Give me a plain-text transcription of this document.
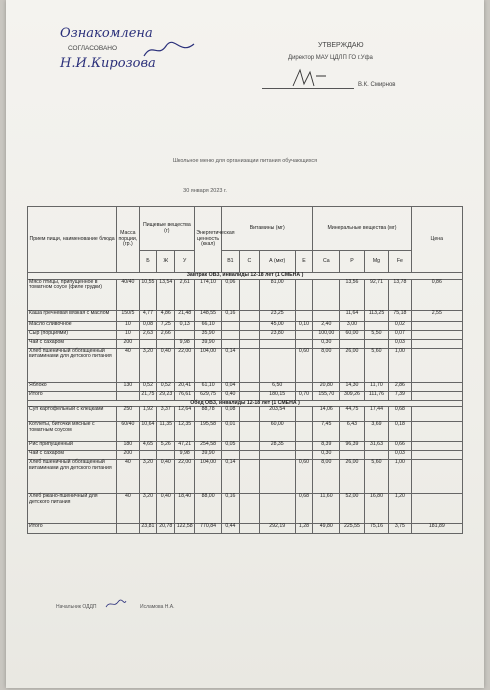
Ознакомлена
СОГЛАСОВАНО
Н.И.Кирозова
УТВЕРЖДАЮ
Директор МАУ ЦДЛП ГО г.Уфа
В.К. Смирнов
Школьное меню для организации питания обучающихся
30 января 2023 г.
Прием пищи, наименование блюда	Масса порции, (гр.)	Пищевые вещества (г)			Энергетическая ценность (ккал)	Витамины (мг)				Минеральные вещества (мг)				Цена
		Б	Ж	У		В1	С	А (мкг)	Е	Са	Р	Mg	Fe	
Завтрак ОВЗ, инвалиды 12-18 лет (1 СМЕНА )														
Мясо птицы, припущенное в томатном соусе (филе грудки)	40/40	10,55	13,54	2,61	174,10	0,06		81,00			13,56	92,71	13,78	0,86
Каша гречневая вязкая с маслом	150/5	4,77	4,86	21,48	148,55	0,16		23,25			11,64	113,25	75,18	2,55
Масло сливочное	10	0,08	7,25	0,13	66,10			45,00	0,10	2,40	3,00		0,02	
Сыр (порциями)	10	2,63	2,66		35,90			23,80		100,00	60,00	5,50	0,07	
Чай с сахаром	200			9,98	39,90					0,30			0,03	
Хлеб пшеничный обогащенный витаминами для детского питания	40	3,20	0,40	22,00	104,00	0,14			0,60	8,00	26,00	5,60	1,00	
Яблоко	130	0,52	0,52	20,41	61,10	0,04		6,50		20,80	14,30	11,70	2,86	
Итого		21,75	29,23	76,61	629,75	0,40		180,15	0,70	155,70	309,26	111,76	7,39	
Обед ОВЗ, инвалиды 12-18 лет (1 СМЕНА )														
Суп картофельный с клецками	250	1,92	3,37	12,64	88,78	0,08		203,54		14,06	44,75	17,44	0,68	
Котлеты, биточки мясные с томатным соусом	60/40	10,64	11,35	12,35	195,58	0,01		60,00		7,45	6,43	3,69	0,18	
Рис припущенный	180	4,65	5,26	47,21	254,58	0,05		28,35		8,39	96,39	31,63	0,66	
Чай с сахаром	200			9,98	39,90					0,30			0,03	
Хлеб пшеничный обогащенный витаминами для детского питания	40	3,20	0,40	22,00	104,00	0,14			0,60	8,00	26,00	5,60	1,00	
Хлеб ржано-пшеничный для детского питания	40	3,20	0,40	18,40	88,00	0,16			0,68	11,60	52,00	16,80	1,20	
Итого		23,81	20,78	122,58	770,84	0,44		292,19	1,28	49,80	225,55	75,16	3,75	181,89
Начальник ОДДП	Исламова Н.А.
